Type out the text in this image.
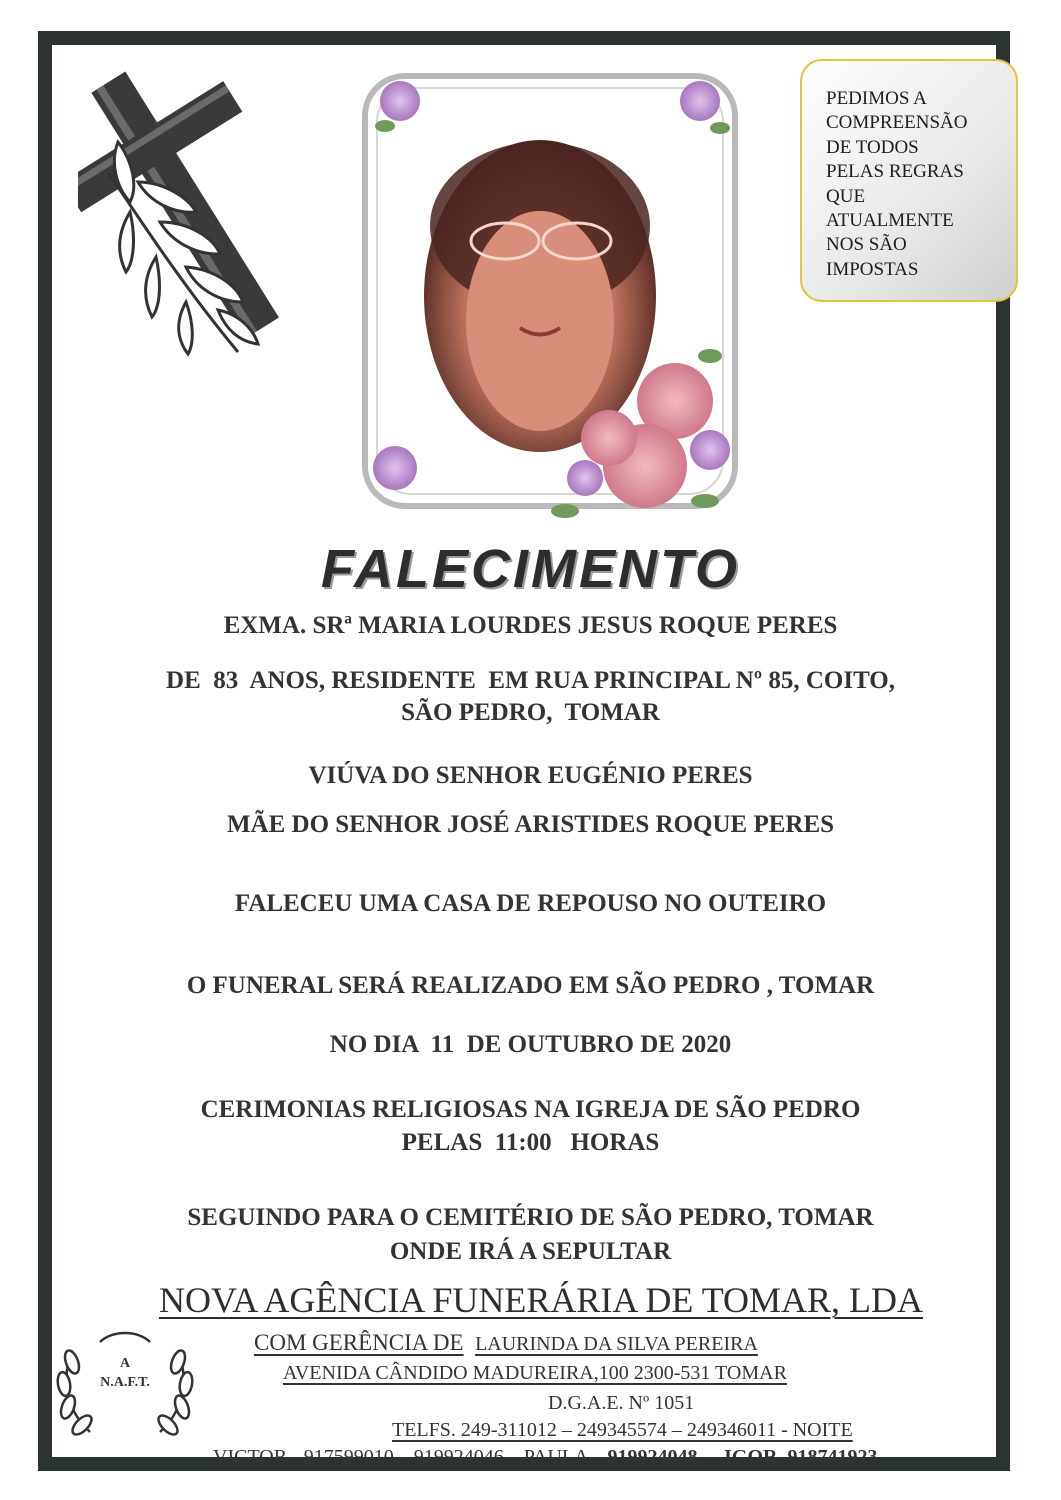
PEDIMOS A
COMPREENSÃO
DE TODOS
PELAS REGRAS
QUE
ATUALMENTE
NOS SÃO
IMPOSTAS
FALECIMENTO
EXMA. SRª MARIA LOURDES JESUS ROQUE PERES
DE  83  ANOS, RESIDENTE  EM RUA PRINCIPAL Nº 85, COITO,
SÃO PEDRO,  TOMAR
VIÚVA DO SENHOR EUGÉNIO PERES
MÃE DO SENHOR JOSÉ ARISTIDES ROQUE PERES
FALECEU UMA CASA DE REPOUSO NO OUTEIRO
O FUNERAL SERÁ REALIZADO EM SÃO PEDRO , TOMAR
NO DIA  11  DE OUTUBRO DE 2020
CERIMONIAS RELIGIOSAS NA IGREJA DE SÃO PEDRO
PELAS  11:00   HORAS
SEGUINDO PARA O CEMITÉRIO DE SÃO PEDRO, TOMAR
ONDE IRÁ A SEPULTAR
NOVA AGÊNCIA FUNERÁRIA DE TOMAR, LDA
A
N.A.F.T.
COM GERÊNCIA DE LAURINDA DA SILVA PEREIRA
AVENIDA CÂNDIDO MADUREIRA,100 2300-531 TOMAR
D.G.A.E. Nº 1051
TELFS. 249-311012 – 249345574 – 249346011 - NOITE
VICTOR - 917599010 – 919924046 – PAULA – 919924048  -  IGOR  918741923
